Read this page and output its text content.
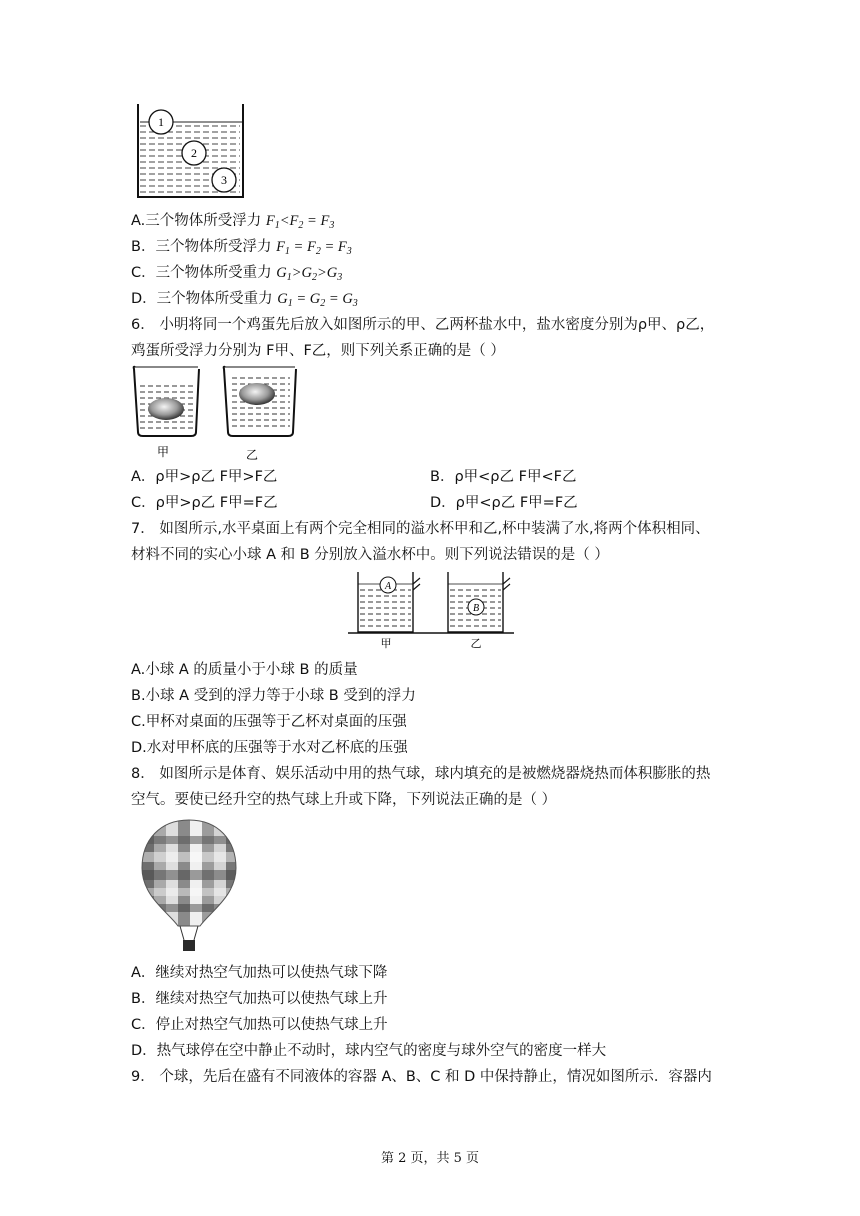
1
2
3
A.三个物体所受浮力 $F_1<F_2 = F_3$
B．三个物体所受浮力 $F_1 = F_2 = F_3$
C．三个物体所受重力 $G_1>G_2>G_3$
D．三个物体所受重力 $G_1 = G_2 = G_3$
6． 小明将同一个鸡蛋先后放入如图所示的甲、乙两杯盐水中，盐水密度分别为ρ甲、ρ乙，
鸡蛋所受浮力分别为 F甲、F乙，则下列关系正确的是（ ）
甲	乙
A．ρ甲>ρ乙 F甲>F乙	B．ρ甲<ρ乙 F甲<F乙
C．ρ甲>ρ乙 F甲=F乙	D．ρ甲<ρ乙 F甲=F乙
7． 如图所示,水平桌面上有两个完全相同的溢水杯甲和乙,杯中装满了水,将两个体积相同、
材料不同的实心小球 A 和 B 分别放入溢水杯中。则下列说法错误的是（ ）
A
B
甲	乙
A.小球 A 的质量小于小球 B 的质量
B.小球 A 受到的浮力等于小球 B 受到的浮力
C.甲杯对桌面的压强等于乙杯对桌面的压强
D.水对甲杯底的压强等于水对乙杯底的压强
8． 如图所示是体育、娱乐活动中用的热气球，球内填充的是被燃烧器烧热而体积膨胀的热
空气。要使已经升空的热气球上升或下降，下列说法正确的是（ ）
A．继续对热空气加热可以使热气球下降
B．继续对热空气加热可以使热气球上升
C．停止对热空气加热可以使热气球上升
D．热气球停在空中静止不动时，球内空气的密度与球外空气的密度一样大
9． 个球，先后在盛有不同液体的容器 A、B、C 和 D 中保持静止，情况如图所示．容器内
第 2 页，共 5 页
